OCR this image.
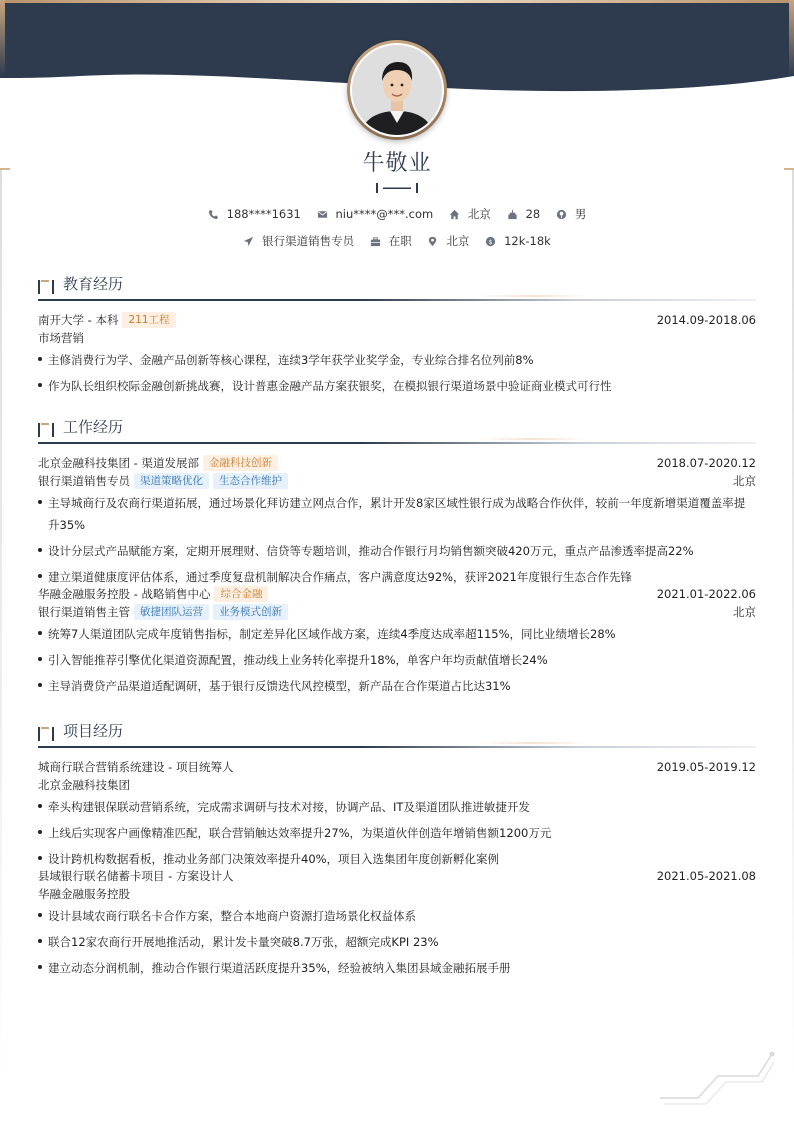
牛敬业
188****1631
	niu****@***.com
	北京
	28
	男
银行渠道销售专员
	在职
	北京
	$ 12k-18k
教育经历
南开大学 - 本科 211工程	2014.09-2018.06
市场营销
主修消费行为学、金融产品创新等核心课程，连续3学年获学业奖学金，专业综合排名位列前8%
作为队长组织校际金融创新挑战赛，设计普惠金融产品方案获银奖，在模拟银行渠道场景中验证商业模式可行性
工作经历
北京金融科技集团 - 渠道发展部 金融科技创新	2018.07-2020.12
银行渠道销售专员 渠道策略优化 生态合作维护	北京
主导城商行及农商行渠道拓展，通过场景化拜访建立网点合作，累计开发8家区域性银行成为战略合作伙伴，较前一年度新增渠道覆盖率提升35%
设计分层式产品赋能方案，定期开展理财、信贷等专题培训，推动合作银行月均销售额突破420万元，重点产品渗透率提高22%
建立渠道健康度评估体系，通过季度复盘机制解决合作痛点，客户满意度达92%，获评2021年度银行生态合作先锋
华融金融服务控股 - 战略销售中心 综合金融	2021.01-2022.06
银行渠道销售主管 敏捷团队运营 业务模式创新	北京
统筹7人渠道团队完成年度销售指标，制定差异化区域作战方案，连续4季度达成率超115%，同比业绩增长28%
引入智能推荐引擎优化渠道资源配置，推动线上业务转化率提升18%，单客户年均贡献值增长24%
主导消费贷产品渠道适配调研，基于银行反馈迭代风控模型，新产品在合作渠道占比达31%
项目经历
城商行联合营销系统建设 - 项目统筹人	2019.05-2019.12
北京金融科技集团
牵头构建银保联动营销系统，完成需求调研与技术对接，协调产品、IT及渠道团队推进敏捷开发
上线后实现客户画像精准匹配，联合营销触达效率提升27%，为渠道伙伴创造年增销售额1200万元
设计跨机构数据看板，推动业务部门决策效率提升40%，项目入选集团年度创新孵化案例
县域银行联名储蓄卡项目 - 方案设计人	2021.05-2021.08
华融金融服务控股
设计县域农商行联名卡合作方案，整合本地商户资源打造场景化权益体系
联合12家农商行开展地推活动，累计发卡量突破8.7万张，超额完成KPI 23%
建立动态分润机制，推动合作银行渠道活跃度提升35%，经验被纳入集团县域金融拓展手册
